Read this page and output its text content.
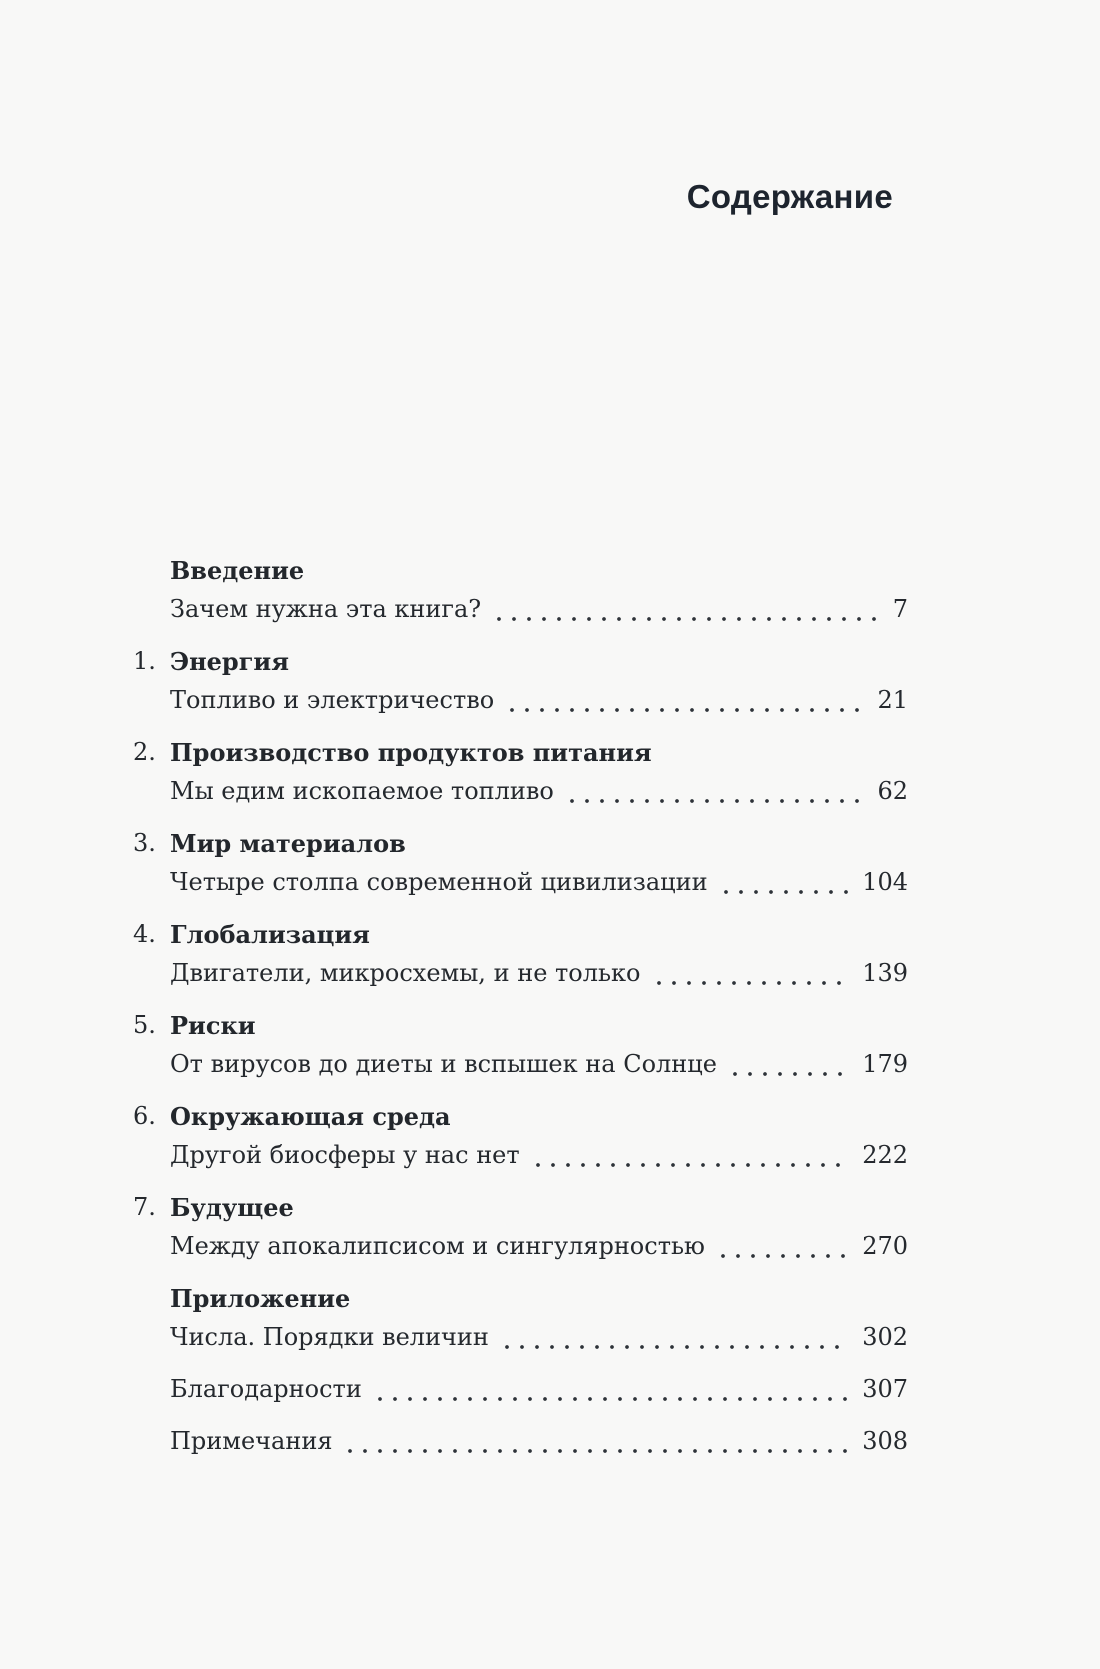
Содержание
Введение
Зачем нужна эта книга?	7
1. Энергия
Топливо и электричество	21
2. Производство продуктов питания
Мы едим ископаемое топливо	62
3. Мир материалов
Четыре столпа современной цивилизации	104
4. Глобализация
Двигатели, микросхемы, и не только	139
5. Риски
От вирусов до диеты и вспышек на Солнце	179
6. Окружающая среда
Другой биосферы у нас нет	222
7. Будущее
Между апокалипсисом и сингулярностью	270
Приложение
Числа. Порядки величин	302
Благодарности	307
Примечания	308
